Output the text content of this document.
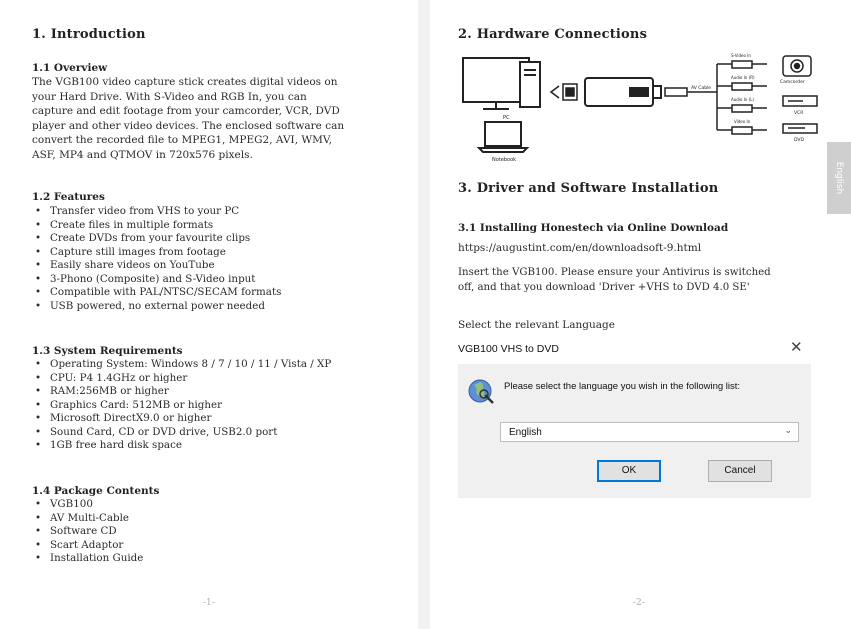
1. Introduction
1.1 Overview

The VGB100 video capture stick creates digital videos on
your Hard Drive. With S-Video and RGB In, you can
capture and edit footage from your camcorder, VCR, DVD
player and other video devices. The enclosed software can
convert the recorded file to MPEG1, MPEG2, AVI, WMV,
ASF, MP4 and QTMOV in 720x576 pixels.

1.2 Features
• Transfer video from VHS to your PC
• Create files in multiple formats
• Create DVDs from your favourite clips
• Capture still images from footage
• Easily share videos on YouTube
• 3-Phono (Composite) and S-Video input
• Compatible with PAL/NTSC/SECAM formats
• USB powered, no external power needed
1.3 System Requirements
• Operating System: Windows 8 / 7 / 10 / 11 / Vista / XP
• CPU: P4 1.4GHz or higher
• RAM:256MB or higher
• Graphics Card: 512MB or higher
• Microsoft DirectX9.0 or higher
• Sound Card, CD or DVD drive, USB2.0 port
• 1GB free hard disk space
1.4 Package Contents
• VGB100
• AV Multi-Cable
• Software CD
• Scart Adaptor
• Installation Guide
-1-
2. Hardware Connections
PC
Notebook
AV Cable
S-Video In
Audio In (R)
Audio In (L)
Video In
Camcorder
VCR
DVD
3. Driver and Software Installation
3.1 Installing Honestech via Online Download

https://augustint.com/en/downloadsoft-9.html

Insert the VGB100. Please ensure your Antivirus is switched
off, and that you download 'Driver +VHS to DVD 4.0 SE'

Select the relevant Language

VGB100 VHS to DVD	✕
Please select the language you wish in the following list:
English	⌄
OK	Cancel
-2-
English
